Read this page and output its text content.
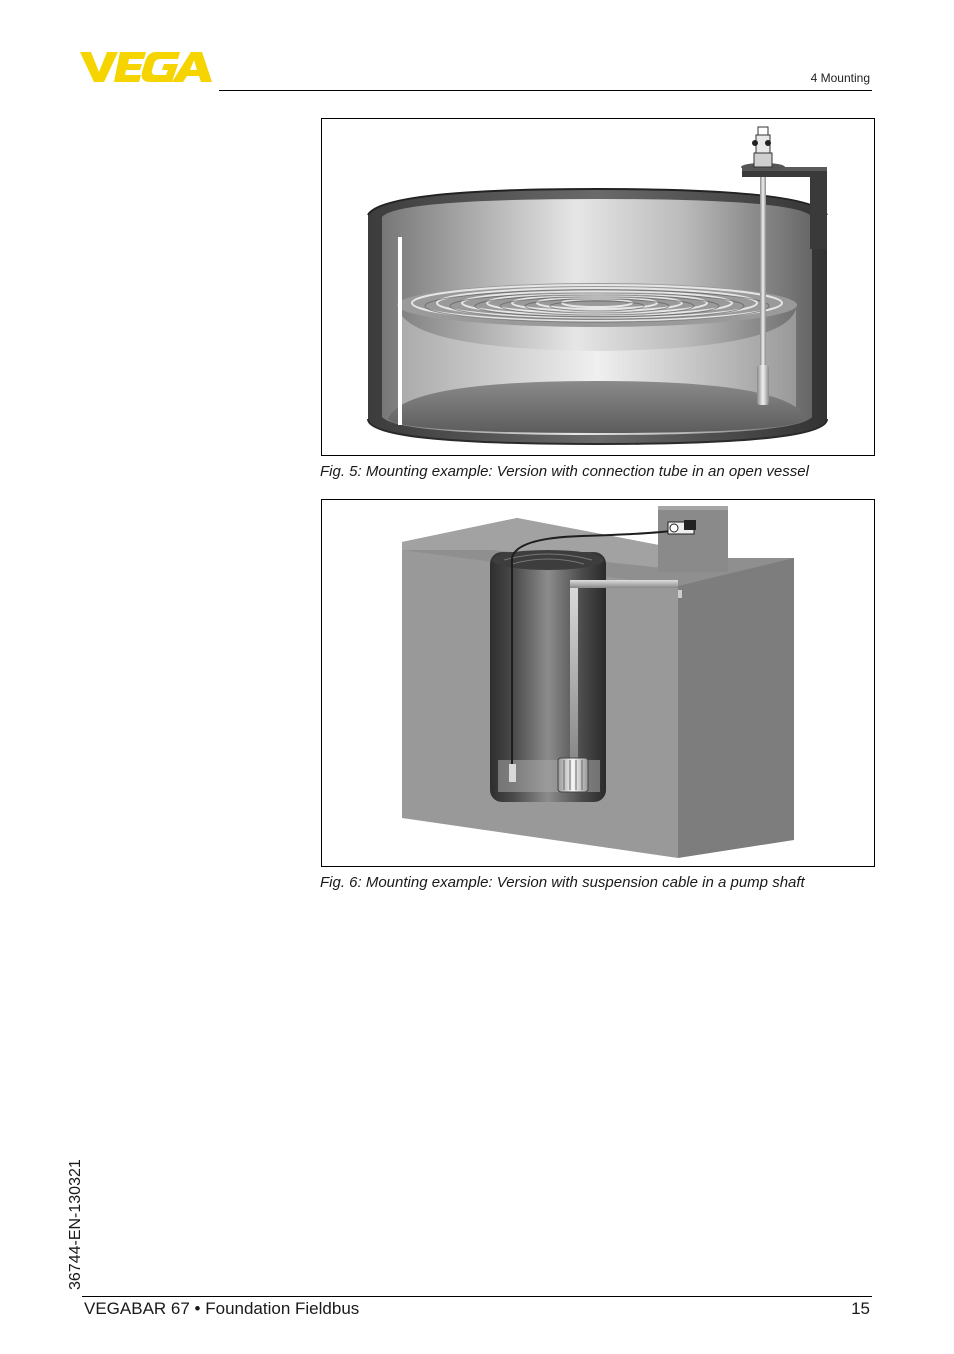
4 Mounting
Fig. 5: Mounting example: Version with connection tube in an open vessel
Fig. 6: Mounting example: Version with suspension cable in a pump shaft
36744-EN-130321
VEGABAR 67 • Foundation Fieldbus	15
